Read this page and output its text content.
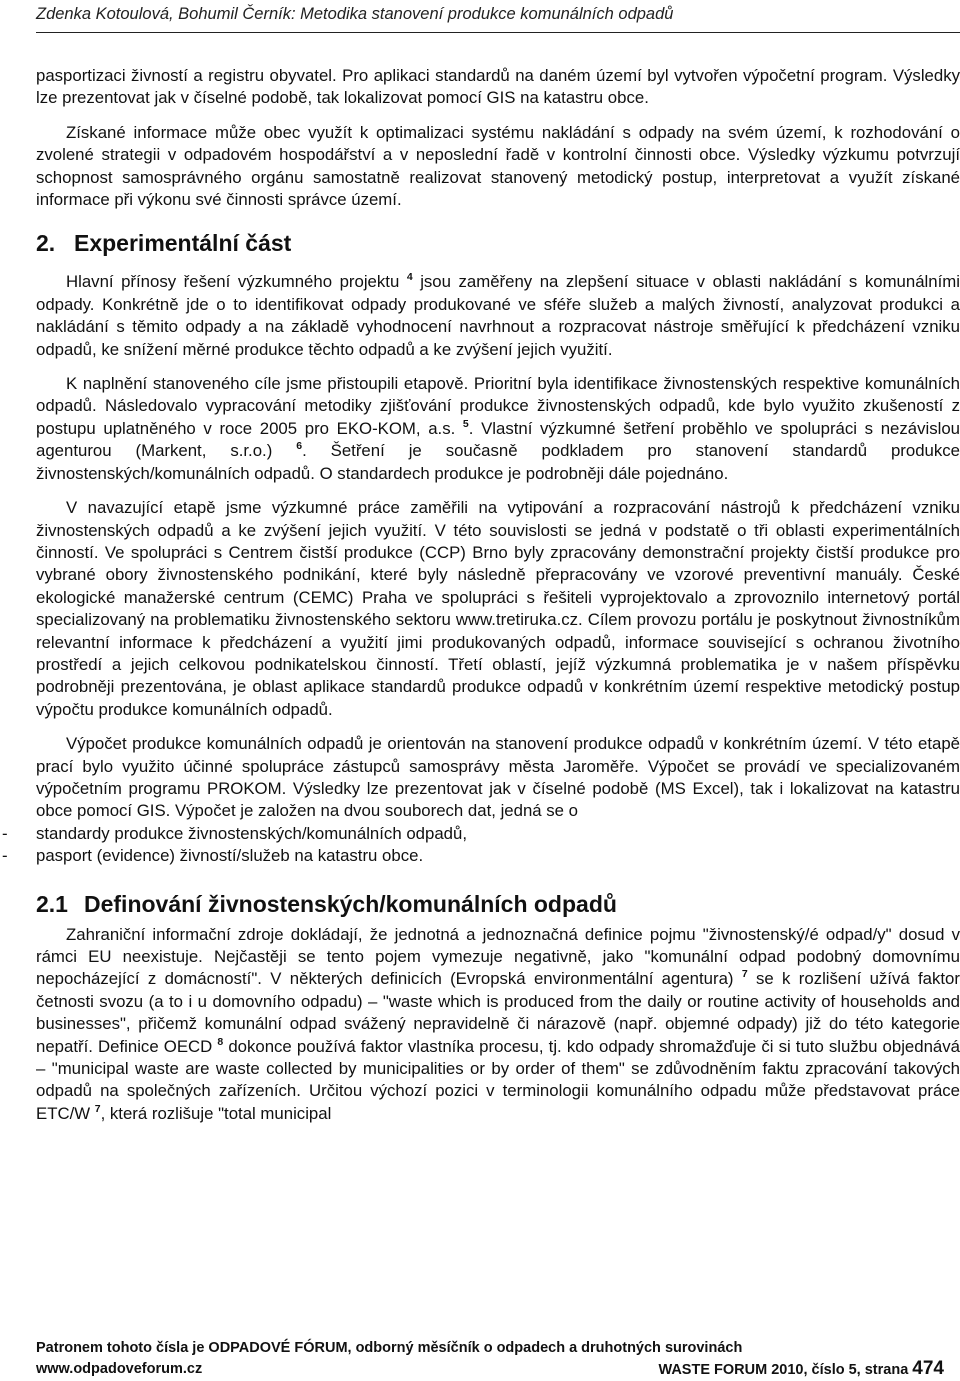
Zdenka Kotoulová, Bohumil Černík: Metodika stanovení produkce komunálních odpadů

pasportizaci živností a registru obyvatel. Pro aplikaci standardů na daném území byl vytvořen výpočetní program. Výsledky lze prezentovat jak v číselné podobě, tak lokalizovat pomocí GIS na katastru obce.

Získané informace může obec využít k optimalizaci systému nakládání s odpady na svém území, k rozhodování o zvolené strategii v odpadovém hospodářství a v neposlední řadě v kontrolní činnosti obce. Výsledky výzkumu potvrzují schopnost samosprávného orgánu samostatně realizovat stanovený metodický postup, interpretovat a využít získané informace při výkonu své činnosti správce území.

2. Experimentální část

Hlavní přínosy řešení výzkumného projektu $^4$ jsou zaměřeny na zlepšení situace v oblasti nakládání s komunálními odpady. Konkrétně jde o to identifikovat odpady produkované ve sféře služeb a malých živností, analyzovat produkci a nakládání s těmito odpady a na základě vyhodnocení navrhnout a rozpracovat nástroje směřující k předcházení vzniku odpadů, ke snížení měrné produkce těchto odpadů a ke zvýšení jejich využití.

K naplnění stanoveného cíle jsme přistoupili etapově. Prioritní byla identifikace živnostenských respektive komunálních odpadů. Následovalo vypracování metodiky zjišťování produkce živnostenských odpadů, kde bylo využito zkušeností z postupu uplatněného v roce 2005 pro EKO-KOM, a.s. $^5$. Vlastní výzkumné šetření proběhlo ve spolupráci s nezávislou agenturou (Markent, s.r.o.) $^6$. Šetření je současně podkladem pro stanovení standardů produkce živnostenských/komunálních odpadů. O standardech produkce je podrobněji dále pojednáno.

V navazující etapě jsme výzkumné práce zaměřili na vytipování a rozpracování nástrojů k předcházení vzniku živnostenských odpadů a ke zvýšení jejich využití. V této souvislosti se jedná v podstatě o tři oblasti experimentálních činností. Ve spolupráci s Centrem čistší produkce (CCP) Brno byly zpracovány demonstrační projekty čistší produkce pro vybrané obory živnostenského podnikání, které byly následně přepracovány ve vzorové preventivní manuály. České ekologické manažerské centrum (CEMC) Praha ve spolupráci s řešiteli vyprojektovalo a zprovoznilo internetový portál specializovaný na problematiku živnostenského sektoru www.tretiruka.cz. Cílem provozu portálu je poskytnout živnostníkům relevantní informace k předcházení a využití jimi produkovaných odpadů, informace související s ochranou životního prostředí a jejich celkovou podnikatelskou činností. Třetí oblastí, jejíž výzkumná problematika je v našem příspěvku podrobněji prezentována, je oblast aplikace standardů produkce odpadů v konkrétním území respektive metodický postup výpočtu produkce komunálních odpadů.

Výpočet produkce komunálních odpadů je orientován na stanovení produkce odpadů v konkrétním území. V této etapě prací bylo využito účinné spolupráce zástupců samosprávy města Jaroměře. Výpočet se provádí ve specializovaném výpočetním programu PROKOM. Výsledky lze prezentovat jak v číselné podobě (MS Excel), tak i lokalizovat na katastru obce pomocí GIS. Výpočet je založen na dvou souborech dat, jedná se o

- standardy produkce živnostenských/komunálních odpadů,
- pasport (evidence) živností/služeb na katastru obce.
2.1 Definování živnostenských/komunálních odpadů

Zahraniční informační zdroje dokládají, že jednotná a jednoznačná definice pojmu "živnostenský/é odpad/y" dosud v rámci EU neexistuje. Nejčastěji se tento pojem vymezuje negativně, jako "komunální odpad podobný domovnímu nepocházející z domácností". V některých definicích (Evropská environmentální agentura) $^7$ se k rozlišení užívá faktor četnosti svozu (a to i u domovního odpadu) – "waste which is produced from the daily or routine activity of households and businesses", přičemž komunální odpad svážený nepravidelně či nárazově (např. objemné odpady) již do této kategorie nepatří. Definice OECD $^8$ dokonce používá faktor vlastníka procesu, tj. kdo odpady shromažďuje či si tuto službu objednává – "municipal waste are waste collected by municipalities or by order of them" se zdůvodněním faktu zpracování takových odpadů na společných zařízeních. Určitou výchozí pozici v terminologii komunálního odpadu může představovat práce ETC/W $^7$, která rozlišuje "total municipal

Patronem tohoto čísla je ODPADOVÉ FÓRUM, odborný měsíčník o odpadech a druhotných surovinách
www.odpadoveforum.cz	WASTE FORUM 2010, číslo 5, strana 474
